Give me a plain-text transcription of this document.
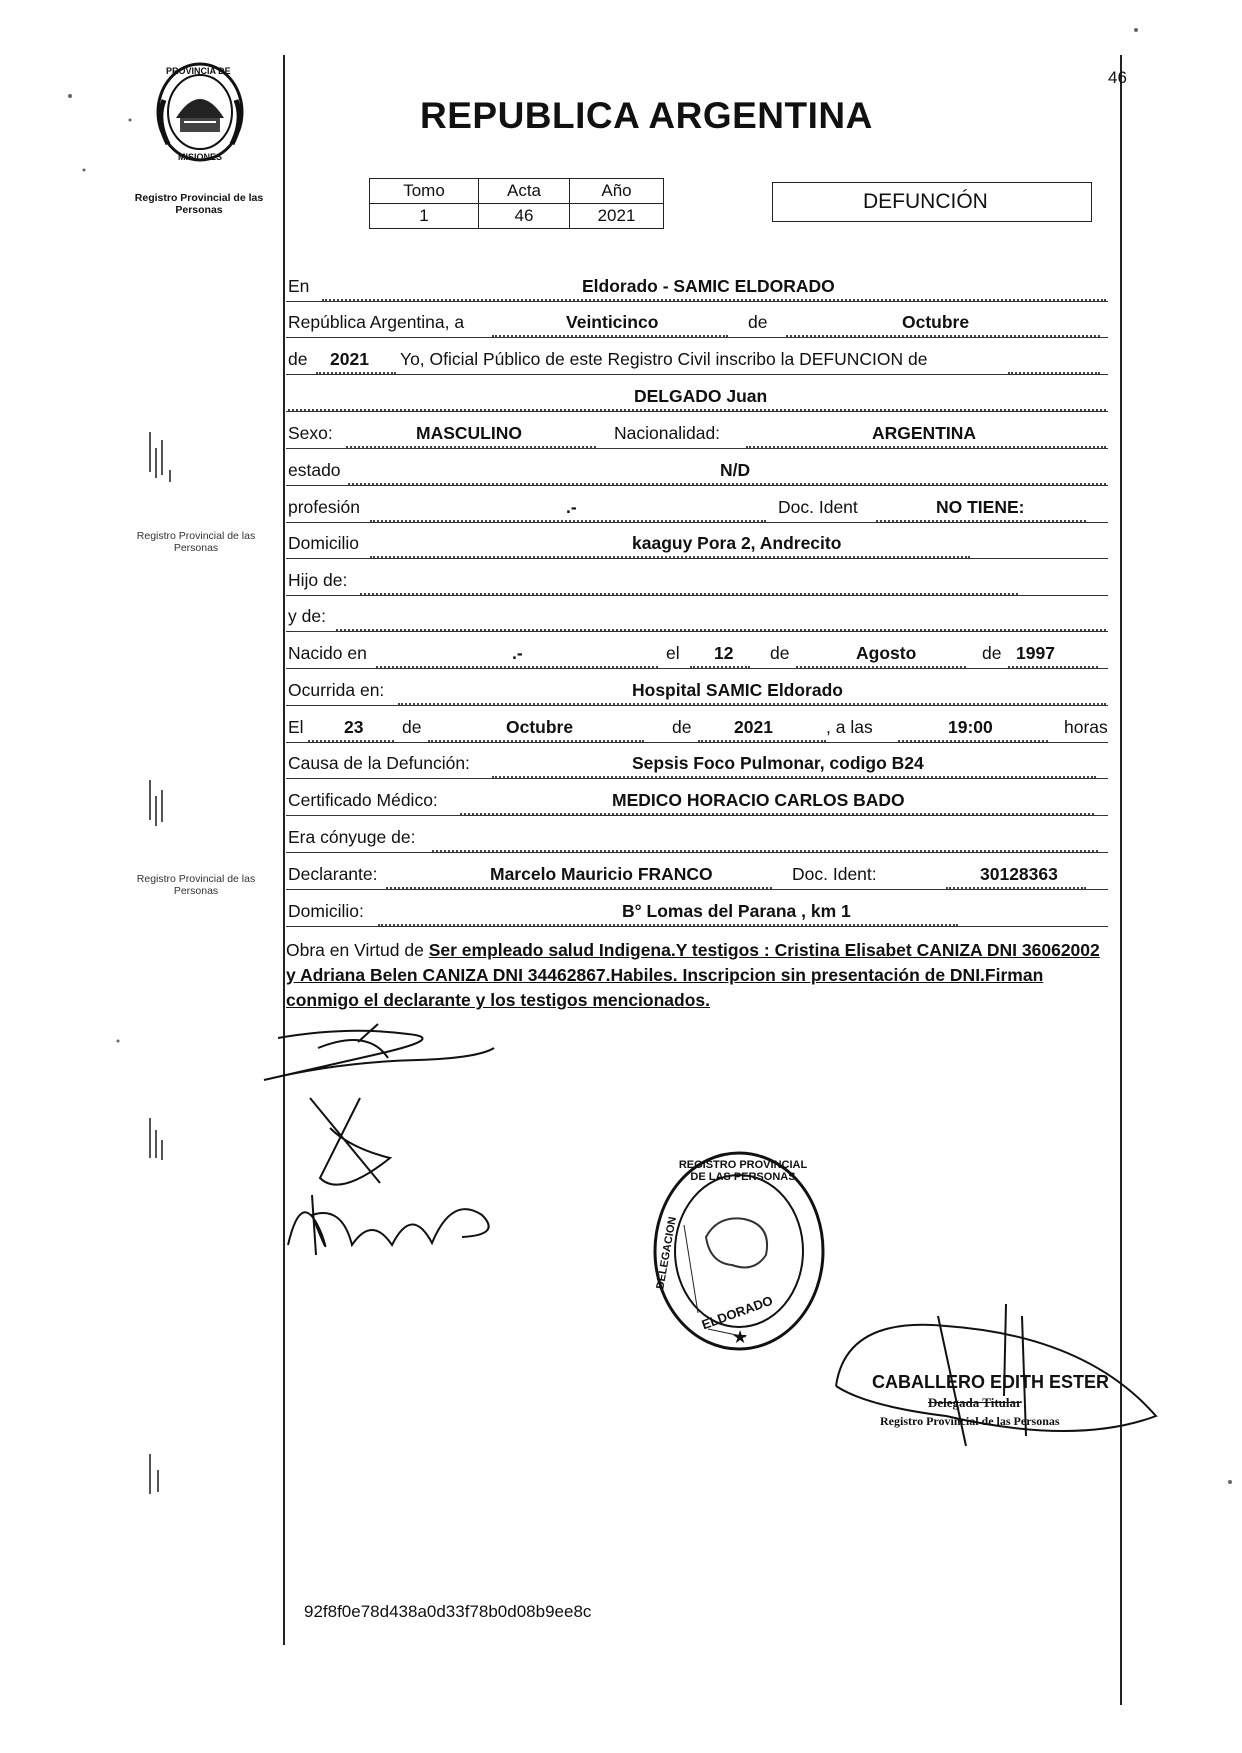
46
REPUBLICA ARGENTINA
PROVINCIA DE
MISIONES
Registro Provincial de las Personas
Registro Provincial de las Personas
Registro Provincial de las Personas
Tomo	Acta	Año
1	46	2021
DEFUNCIÓN
En	Eldorado - SAMIC ELDORADO
República Argentina, a	Veinticinco	de	Octubre
de 2021 Yo, Oficial Público de este Registro Civil inscribo la DEFUNCION de
DELGADO Juan
Sexo:	MASCULINO	Nacionalidad:	ARGENTINA
estado	N/D
profesión	.-	Doc. Ident	NO TIENE:
Domicilio	kaaguy Pora 2, Andrecito
Hijo de:
y de:
Nacido en	.-	el 12 de	Agosto	de 1997
Ocurrida en:	Hospital SAMIC Eldorado
El 23 de	Octubre	de 2021	, a las	19:00	horas
Causa de la Defunción:	Sepsis Foco Pulmonar, codigo B24
Certificado Médico:	MEDICO HORACIO CARLOS BADO
Era cónyuge de:
Declarante:	Marcelo Mauricio FRANCO	Doc. Ident:	30128363
Domicilio:	B° Lomas del Parana , km 1
Obra en Virtud de Ser empleado salud Indigena.Y testigos : Cristina Elisabet CANIZA DNI 36062002 y Adriana Belen CANIZA DNI 34462867.Habiles. Inscripcion sin presentación de DNI.Firman conmigo el declarante y los testigos mencionados.
★
REGISTRO PROVINCIAL DE LAS PERSONAS
DELEGACION
ELDORADO
CABALLERO EDITH ESTER
Delegada Titular
Registro Provincial de las Personas
92f8f0e78d438a0d33f78b0d08b9ee8c
